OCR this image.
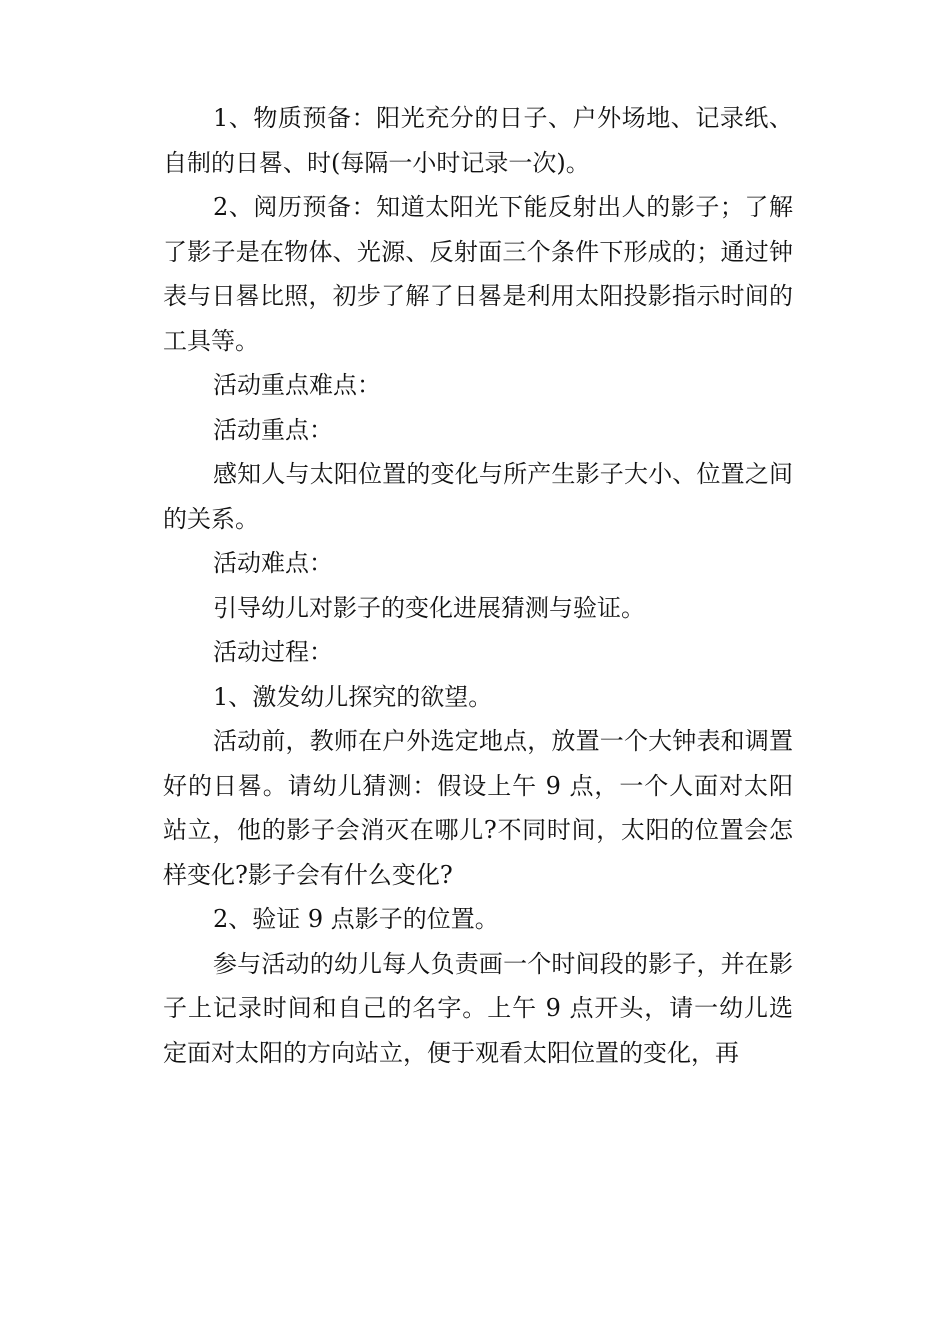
1、物质预备：阳光充分的日子、户外场地、记录纸、自制的日晷、时(每隔一小时记录一次)。

2、阅历预备：知道太阳光下能反射出人的影子；了解了影子是在物体、光源、反射面三个条件下形成的；通过钟表与日晷比照，初步了解了日晷是利用太阳投影指示时间的工具等。

活动重点难点：

活动重点：

感知人与太阳位置的变化与所产生影子大小、位置之间的关系。

活动难点：

引导幼儿对影子的变化进展猜测与验证。

活动过程：

1、激发幼儿探究的欲望。

活动前，教师在户外选定地点，放置一个大钟表和调置好的日晷。请幼儿猜测：假设上午 9 点，一个人面对太阳站立，他的影子会消灭在哪儿?不同时间，太阳的位置会怎样变化?影子会有什么变化?

2、验证 9 点影子的位置。

参与活动的幼儿每人负责画一个时间段的影子，并在影子上记录时间和自己的名字。上午 9 点开头，请一幼儿选定面对太阳的方向站立，便于观看太阳位置的变化，再
